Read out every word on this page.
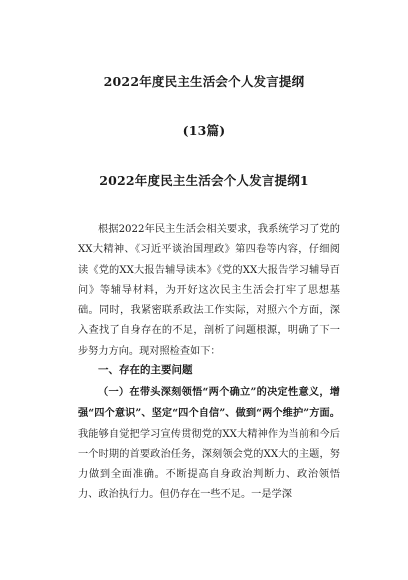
2022年度民主生活会个人发言提纲
(13篇)
2022年度民主生活会个人发言提纲1
根据2022年民主生活会相关要求，我系统学习了党的XX大精神、《习近平谈治国理政》第四卷等内容，仔细阅读《党的XX大报告辅导读本》《党的XX大报告学习辅导百问》等辅导材料，为开好这次民主生活会打牢了思想基础。同时，我紧密联系政法工作实际，对照六个方面，深入查找了自身存在的不足，剖析了问题根源，明确了下一步努力方向。现对照检查如下：
一、存在的主要问题
（一）在带头深刻领悟“两个确立”的决定性意义，增强“四个意识”、坚定“四个自信”、做到“两个维护”方面。我能够自觉把学习宣传贯彻党的XX大精神作为当前和今后一个时期的首要政治任务，深刻领会党的XX大的主题，努力做到全面准确。不断提高自身政治判断力、政治领悟力、政治执行力。但仍存在一些不足。一是学深
